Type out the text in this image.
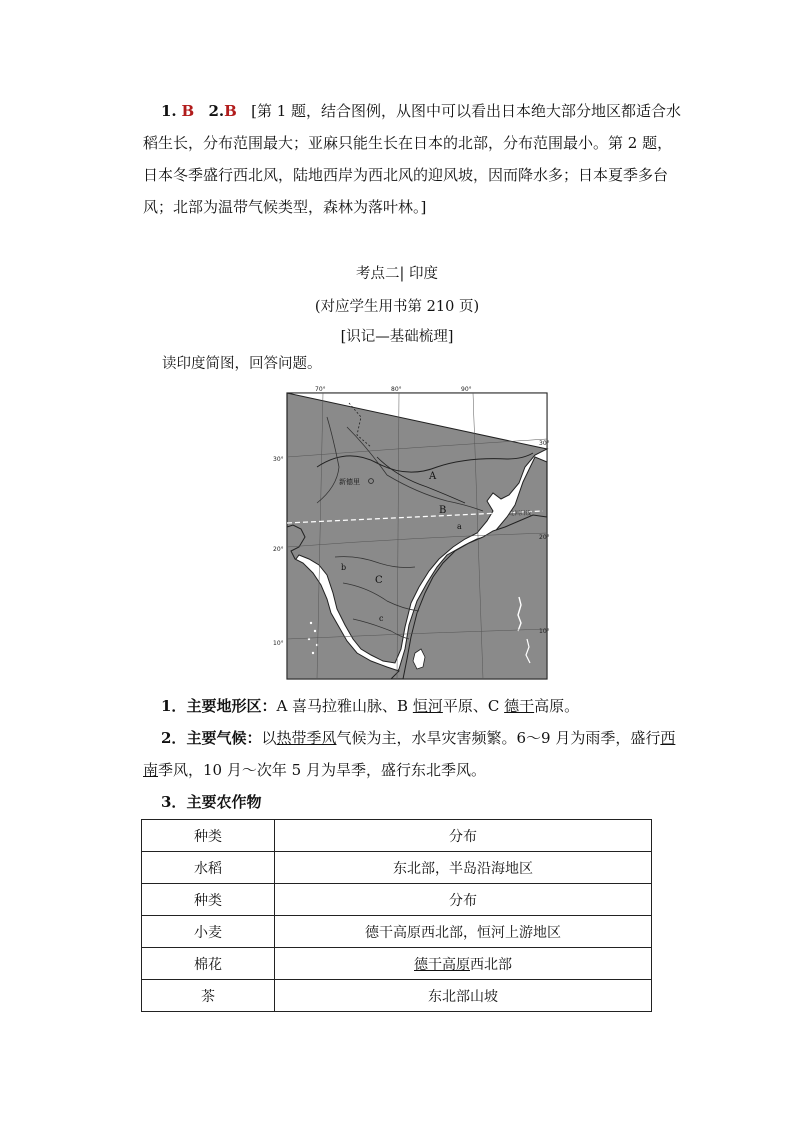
1. B 2.B [第 1 题，结合图例，从图中可以看出日本绝大部分地区都适合水稻生长，分布范围最大；亚麻只能生长在日本的北部，分布范围最小。第 2 题，日本冬季盛行西北风，陆地西岸为西北风的迎风坡，因而降水多；日本夏季多台风；北部为温带气候类型，森林为落叶林。]
考点二| 印度
(对应学生用书第 210 页)
[识记—基础梳理]
读印度简图，回答问题。
70°	80°	90°
30°
20°
10°
30°
20°
10°
新德里
北回归线
A
B
C
a
b
c
1．主要地形区：A 喜马拉雅山脉、B 恒河平原、C 德干高原。
2．主要气候：以热带季风气候为主，水旱灾害频繁。6～9 月为雨季，盛行西南季风，10 月～次年 5 月为旱季，盛行东北季风。
3．主要农作物
种类	分布
水稻	东北部，半岛沿海地区
种类	分布
小麦	德干高原西北部，恒河上游地区
棉花	德干高原西北部
茶	东北部山坡
